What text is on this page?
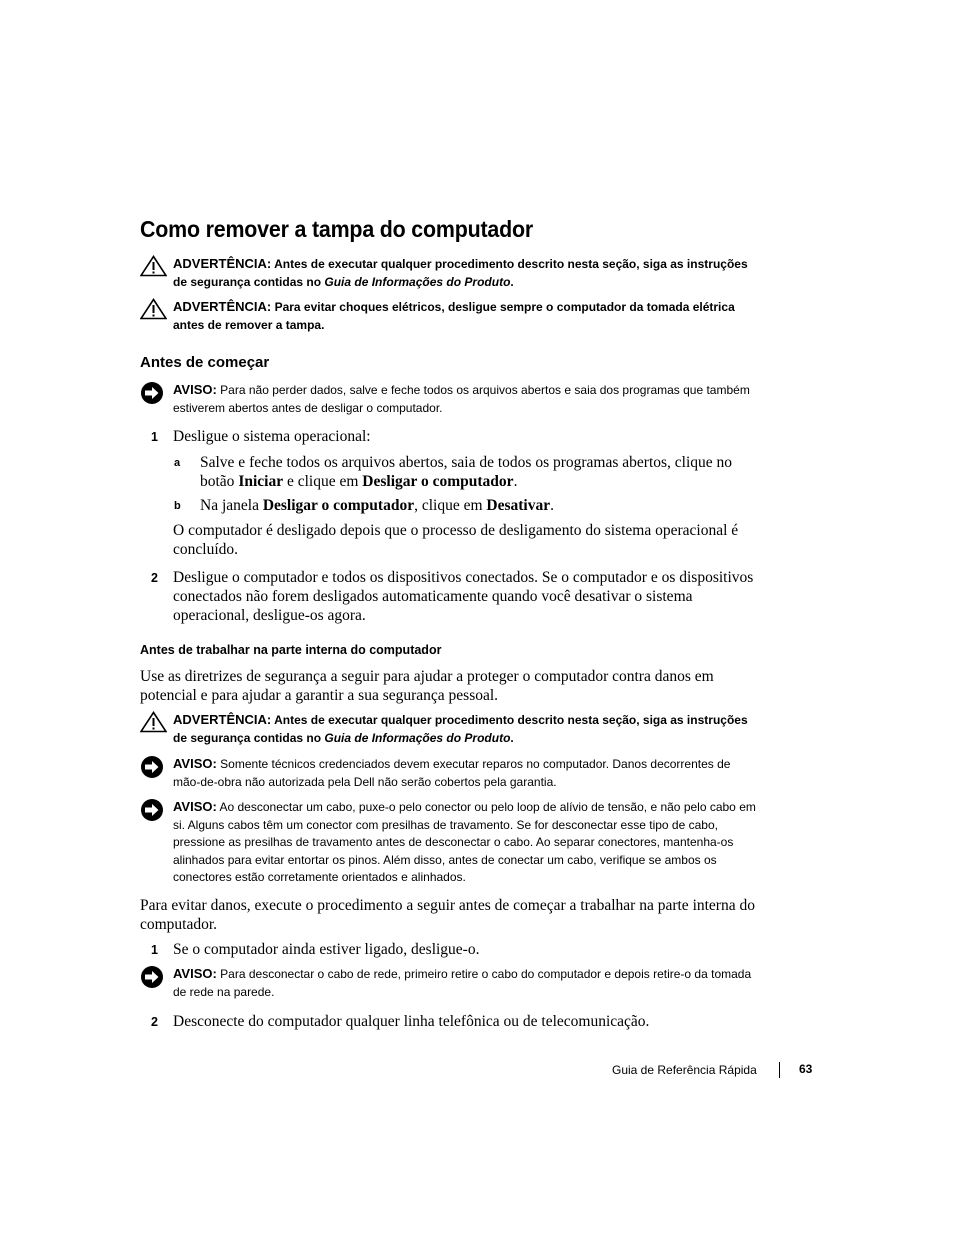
Como remover a tampa do computador
ADVERTÊNCIA: Antes de executar qualquer procedimento descrito nesta seção, siga as instruções de segurança contidas no Guia de Informações do Produto.
ADVERTÊNCIA: Para evitar choques elétricos, desligue sempre o computador da tomada elétrica antes de remover a tampa.
Antes de começar
AVISO: Para não perder dados, salve e feche todos os arquivos abertos e saia dos programas que também estiverem abertos antes de desligar o computador.
1 Desligue o sistema operacional:
a Salve e feche todos os arquivos abertos, saia de todos os programas abertos, clique no botão Iniciar e clique em Desligar o computador.
b Na janela Desligar o computador, clique em Desativar.
O computador é desligado depois que o processo de desligamento do sistema operacional é concluído.
2 Desligue o computador e todos os dispositivos conectados. Se o computador e os dispositivos conectados não forem desligados automaticamente quando você desativar o sistema operacional, desligue-os agora.
Antes de trabalhar na parte interna do computador
Use as diretrizes de segurança a seguir para ajudar a proteger o computador contra danos em potencial e para ajudar a garantir a sua segurança pessoal.
ADVERTÊNCIA: Antes de executar qualquer procedimento descrito nesta seção, siga as instruções de segurança contidas no Guia de Informações do Produto.
AVISO: Somente técnicos credenciados devem executar reparos no computador. Danos decorrentes de mão-de-obra não autorizada pela Dell não serão cobertos pela garantia.
AVISO: Ao desconectar um cabo, puxe-o pelo conector ou pelo loop de alívio de tensão, e não pelo cabo em si. Alguns cabos têm um conector com presilhas de travamento. Se for desconectar esse tipo de cabo, pressione as presilhas de travamento antes de desconectar o cabo. Ao separar conectores, mantenha-os alinhados para evitar entortar os pinos. Além disso, antes de conectar um cabo, verifique se ambos os conectores estão corretamente orientados e alinhados.
Para evitar danos, execute o procedimento a seguir antes de começar a trabalhar na parte interna do computador.
1 Se o computador ainda estiver ligado, desligue-o.
AVISO: Para desconectar o cabo de rede, primeiro retire o cabo do computador e depois retire-o da tomada de rede na parede.
2 Desconecte do computador qualquer linha telefônica ou de telecomunicação.
Guia de Referência Rápida	63
